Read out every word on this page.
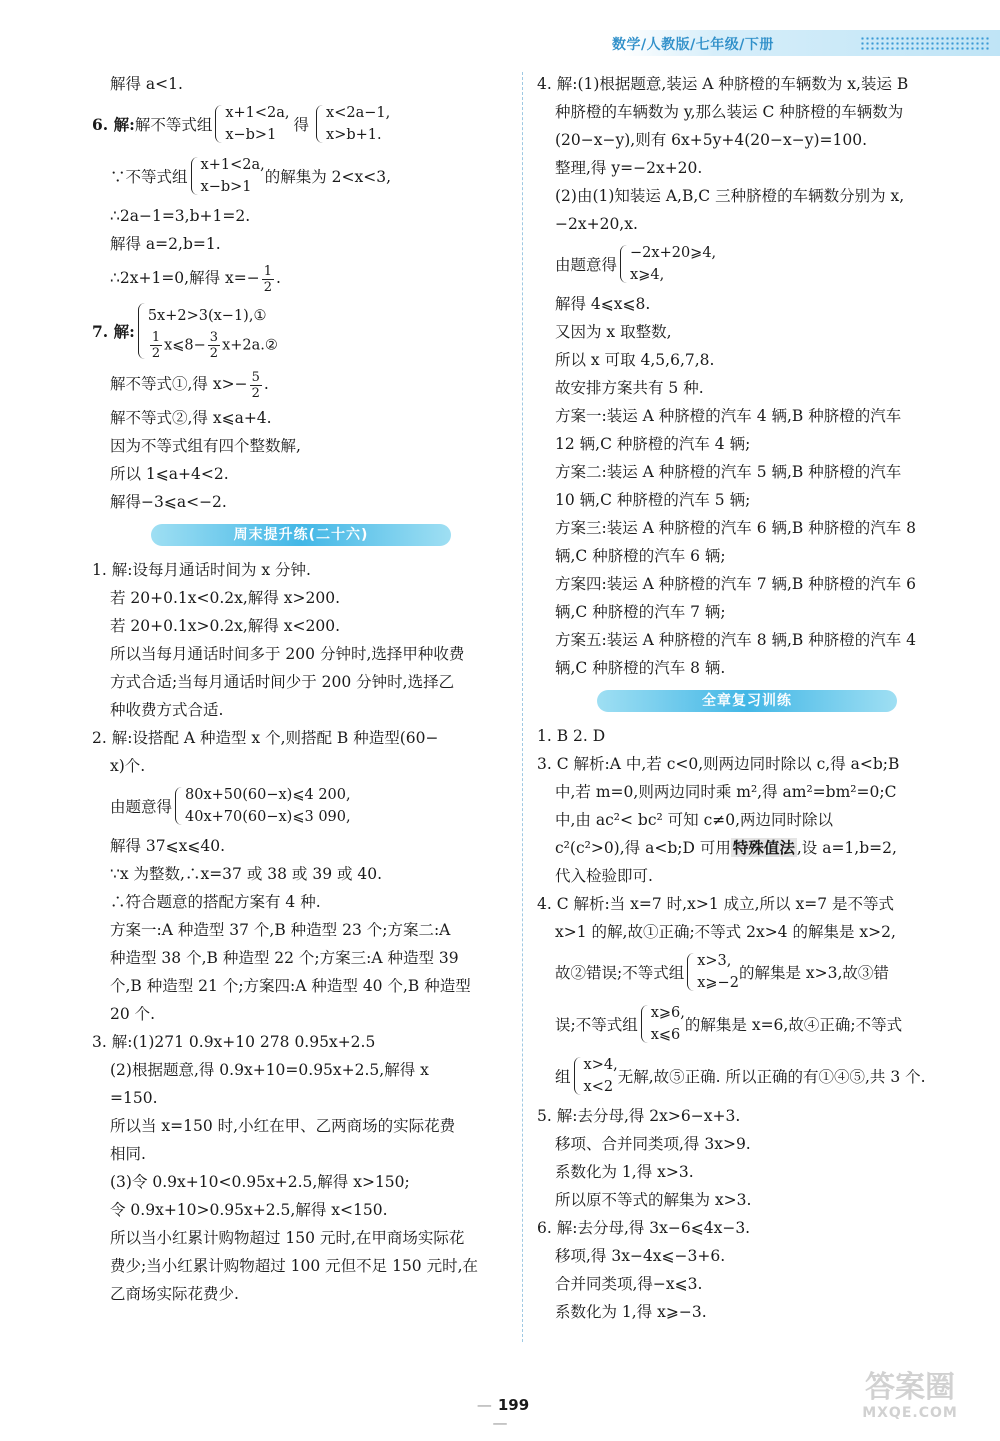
数学/人教版/七年级/下册
解得 a<1.
6. 解: 解不等式组
x+1<2a,
x−b>1
得
x<2a−1,
x>b+1.
∵不等式组
x+1<2a,
x−b>1
的解集为 2<x<3,
∴2a−1=3,b+1=2.
解得 a=2,b=1.
∴2x+1=0,解得 $x=- \frac{1}{2}$ .
7. 解:
5x+2>3(x−1),①
$\frac{1}{2}$ x⩽8− $\frac{3}{2}$ x+2a.②
解不等式①,得 $x>- \frac{5}{2}$ .
解不等式②,得 x⩽a+4.
因为不等式组有四个整数解,
所以 1⩽a+4<2.
解得−3⩽a<−2.
周末提升练(二十六)
1. 解:设每月通话时间为 x 分钟.
若 20+0.1x<0.2x,解得 x>200.
若 20+0.1x>0.2x,解得 x<200.
所以当每月通话时间多于 200 分钟时,选择甲种收费
方式合适;当每月通话时间少于 200 分钟时,选择乙
种收费方式合适.
2. 解:设搭配 A 种造型 x 个,则搭配 B 种造型(60−
x)个.
由题意得
80x+50(60−x)⩽4 200,
40x+70(60−x)⩽3 090,
解得 37⩽x⩽40.
∵x 为整数,∴x=37 或 38 或 39 或 40.
∴符合题意的搭配方案有 4 种.
方案一:A 种造型 37 个,B 种造型 23 个;方案二:A
种造型 38 个,B 种造型 22 个;方案三:A 种造型 39
个,B 种造型 21 个;方案四:A 种造型 40 个,B 种造型
20 个.
3. 解:(1)271 0.9x+10 278 0.95x+2.5
(2)根据题意,得 0.9x+10=0.95x+2.5,解得 x
=150.
所以当 x=150 时,小红在甲、乙两商场的实际花费
相同.
(3)令 0.9x+10<0.95x+2.5,解得 x>150;
令 0.9x+10>0.95x+2.5,解得 x<150.
所以当小红累计购物超过 150 元时,在甲商场实际花
费少;当小红累计购物超过 100 元但不足 150 元时,在
乙商场实际花费少.
4. 解:(1)根据题意,装运 A 种脐橙的车辆数为 x,装运 B
种脐橙的车辆数为 y,那么装运 C 种脐橙的车辆数为
(20−x−y),则有 6x+5y+4(20−x−y)=100.
整理,得 y=−2x+20.
(2)由(1)知装运 A,B,C 三种脐橙的车辆数分别为 x,
−2x+20,x.
由题意得
−2x+20⩾4,
x⩾4,
解得 4⩽x⩽8.
又因为 x 取整数,
所以 x 可取 4,5,6,7,8.
故安排方案共有 5 种.
方案一:装运 A 种脐橙的汽车 4 辆,B 种脐橙的汽车
12 辆,C 种脐橙的汽车 4 辆;
方案二:装运 A 种脐橙的汽车 5 辆,B 种脐橙的汽车
10 辆,C 种脐橙的汽车 5 辆;
方案三:装运 A 种脐橙的汽车 6 辆,B 种脐橙的汽车 8
辆,C 种脐橙的汽车 6 辆;
方案四:装运 A 种脐橙的汽车 7 辆,B 种脐橙的汽车 6
辆,C 种脐橙的汽车 7 辆;
方案五:装运 A 种脐橙的汽车 8 辆,B 种脐橙的汽车 4
辆,C 种脐橙的汽车 8 辆.
全章复习训练
1. B 2. D
3. C 解析:A 中,若 c<0,则两边同时除以 c,得 a<b;B
中,若 m=0,则两边同时乘 m²,得 am²=bm²=0;C
中,由 ac²< bc² 可知 c≠0,两边同时除以
c²(c²>0),得 a<b;D 可用 特殊值法 ,设 a=1,b=2,
代入检验即可.
4. C 解析:当 x=7 时,x>1 成立,所以 x=7 是不等式
x>1 的解,故①正确;不等式 2x>4 的解集是 x>2,
故②错误;不等式组
x>3,
x⩾−2
的解集是 x>3,故③错
误;不等式组
x⩾6,
x⩽6
的解集是 x=6,故④正确;不等式
组
x>4,
x<2
无解,故⑤正确. 所以正确的有①④⑤,共 3 个.
5. 解:去分母,得 2x>6−x+3.
移项、合并同类项,得 3x>9.
系数化为 1,得 x>3.
所以原不等式的解集为 x>3.
6. 解:去分母,得 3x−6⩽4x−3.
移项,得 3x−4x⩽−3+6.
合并同类项,得−x⩽3.
系数化为 1,得 x⩾−3.
— 199 —	答案圈
MXQE.COM
